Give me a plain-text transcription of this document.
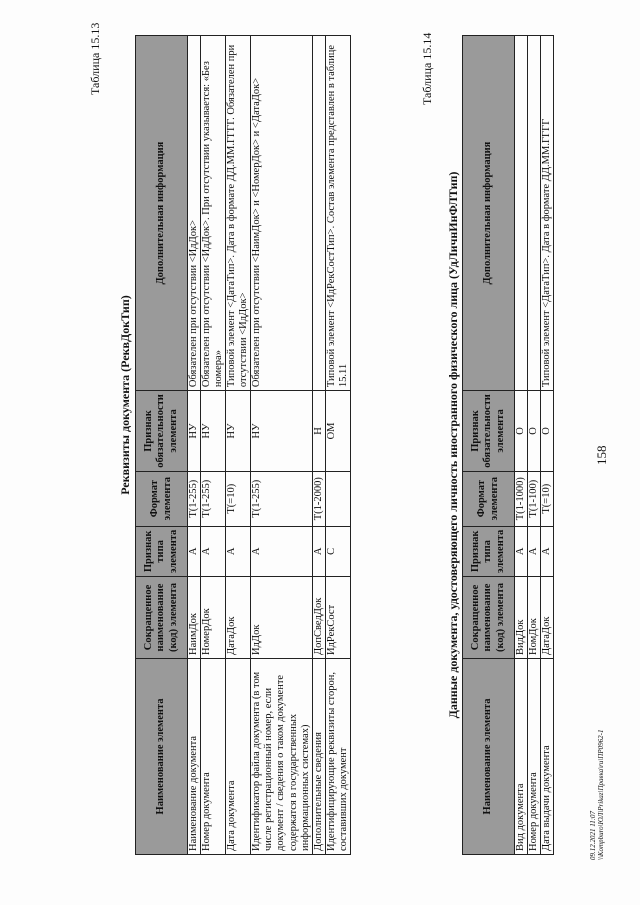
158
Таблица 15.13
Реквизиты документа (РеквДокТип)
Наименование элемента	Сокращенное наименование (код) элемента	Признак типа элемента	Формат элемента	Признак обязательности элемента	Дополнительная информация
Наименование документа	НаимДок	А	T(1-255)	НУ	Обязателен при отсутствии <ИдДок>
Номер документа	НомерДок	А	T(1-255)	НУ	Обязателен при отсутствии <ИдДок>. При отсутствии указывается: «Без номера»
Дата документа	ДатаДок	А	T(=10)	НУ	Типовой элемент <ДатаТип>. Дата в формате ДД.ММ.ГГГГ. Обязателен при отсутствии <ИдДок>
Идентификатор файла документа (в том числе регистрационный номер, если документ / сведения о таком документе содержатся в государственных информационных системах)	ИдДок	А	T(1-255)	НУ	Обязателен при отсутствии <НаимДок> и <НомерДок> и <ДатаДок>
Дополнительные сведения	ДопСведДок	А	T(1-2000)	Н	
Идентифицирующие реквизиты сторон, составивших документ	ИдРекСост	С		ОМ	Типовой элемент <ИдРекСостТип>. Состав элемента представлен в таблице 15.11
Таблица 15.14
Данные документа, удостоверяющего личность иностранного физического лица (УдЛичнИнФЛТип)
Наименование элемента	Сокращенное наименование (код) элемента	Признак типа элемента	Формат элемента	Признак обязательности элемента	Дополнительная информация
Вид документа	ВидДок	А	T(1-1000)	О	
Номер документа	НомДок	А	T(1-100)	О	
Дата выдачи документа	ДатаДок	А	T(=10)	О	Типовой элемент <ДатаТип>. Дата в формате ДД.ММ.ГГГГ
09.12.2021 11:07 \\Kompburo\ЮЛ\Prikaz\Правка\ru\ПР0962-1
